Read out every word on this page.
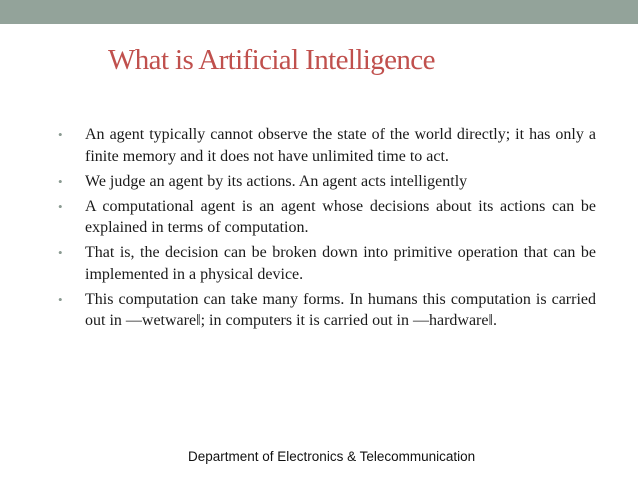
What is Artificial Intelligence
•	An agent typically cannot observe the state of the world directly; it has only a finite memory and it does not have unlimited time to act.
•	We judge an agent by its actions. An agent acts intelligently
•	A computational agent is an agent whose decisions about its actions can be explained in terms of computation.
•	That is, the decision can be broken down into primitive operation that can be implemented in a physical device.
•	This computation can take many forms. In humans this computation is carried out in ―wetware‖; in computers it is carried out in ―hardware‖.

Department of Electronics & Telecommunication
